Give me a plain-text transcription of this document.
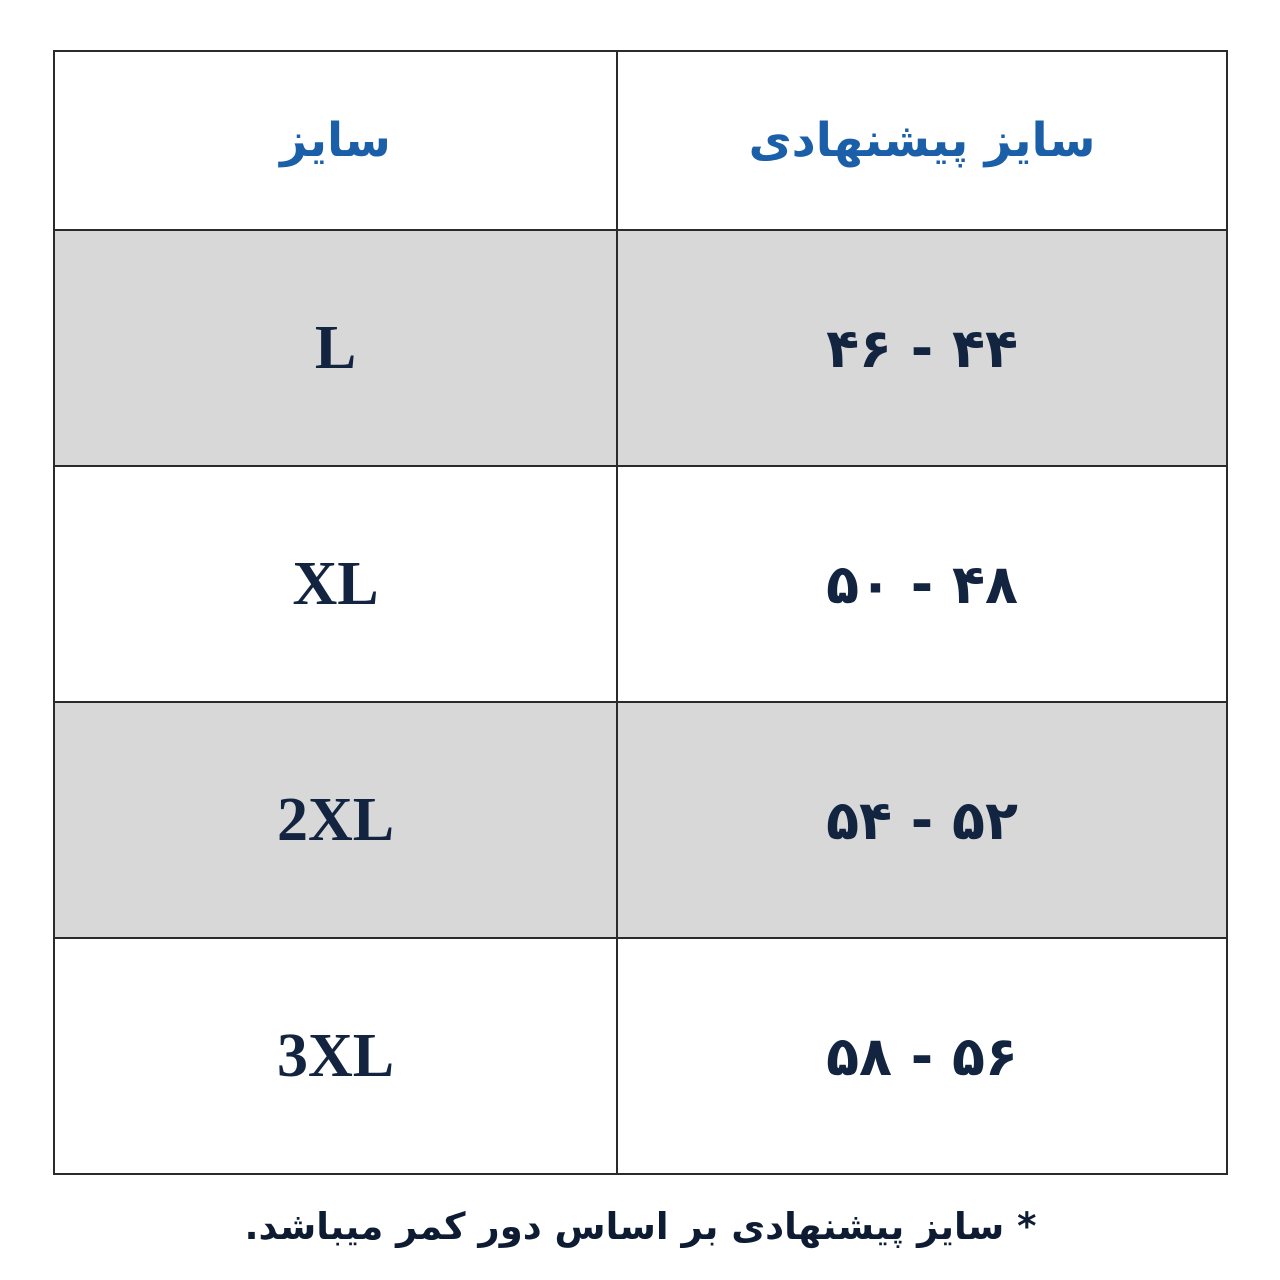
سایز پیشنهادی	سایز
۴۶ - ۴۴	L
۵۰ - ۴۸	XL
۵۴ - ۵۲	2XL
۵۸ - ۵۶	3XL
* سایز پیشنهادی بر اساس دور کمر میباشد.
